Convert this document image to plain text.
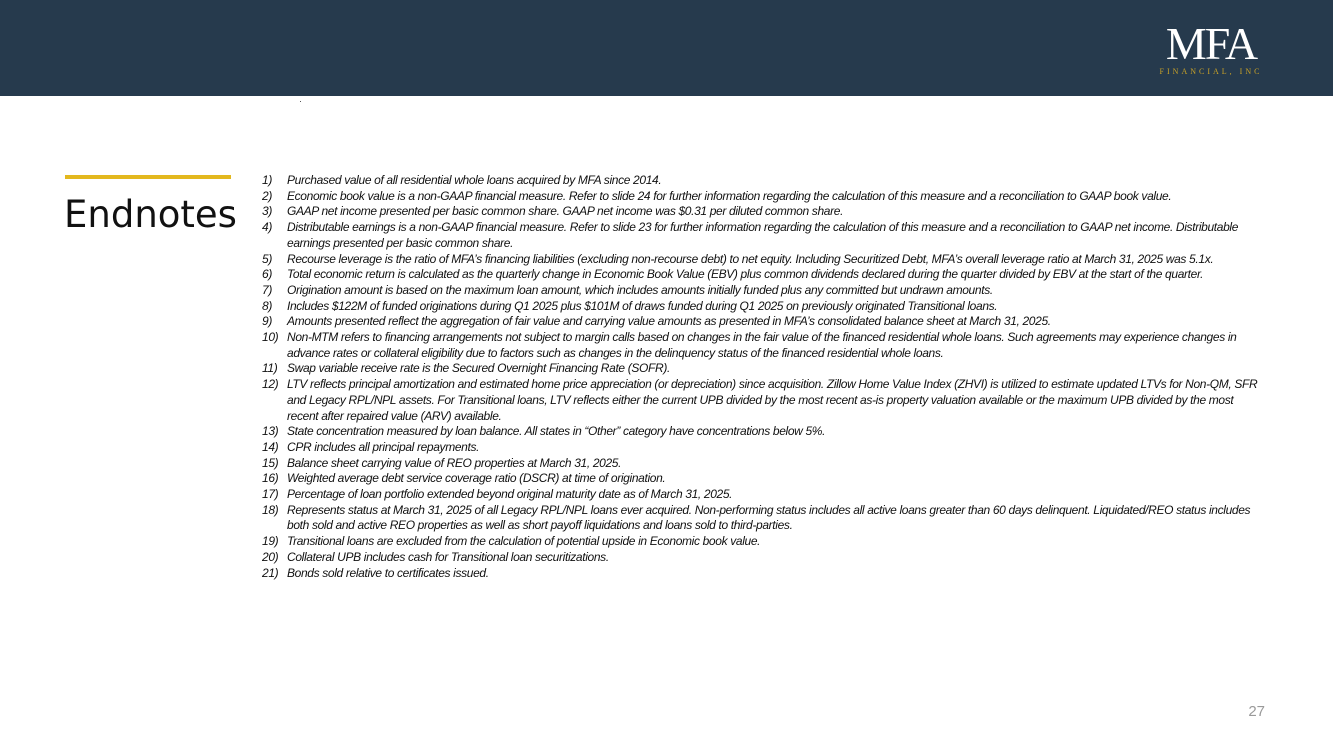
MFA
FINANCIAL, INC
Endnotes
1)	Purchased value of all residential whole loans acquired by MFA since 2014.
2)	Economic book value is a non-GAAP financial measure. Refer to slide 24 for further information regarding the calculation of this measure and a reconciliation to GAAP book value.
3)	GAAP net income presented per basic common share. GAAP net income was $0.31 per diluted common share.
4)	Distributable earnings is a non-GAAP financial measure. Refer to slide 23 for further information regarding the calculation of this measure and a reconciliation to GAAP net income. Distributable earnings presented per basic common share.
5)	Recourse leverage is the ratio of MFA’s financing liabilities (excluding non-recourse debt) to net equity. Including Securitized Debt, MFA’s overall leverage ratio at March 31, 2025 was 5.1x.
6)	Total economic return is calculated as the quarterly change in Economic Book Value (EBV) plus common dividends declared during the quarter divided by EBV at the start of the quarter.
7)	Origination amount is based on the maximum loan amount, which includes amounts initially funded plus any committed but undrawn amounts.
8)	Includes $122M of funded originations during Q1 2025 plus $101M of draws funded during Q1 2025 on previously originated Transitional loans.
9)	Amounts presented reflect the aggregation of fair value and carrying value amounts as presented in MFA’s consolidated balance sheet at March 31, 2025.
10) Non-MTM refers to financing arrangements not subject to margin calls based on changes in the fair value of the financed residential whole loans. Such agreements may experience changes in advance rates or collateral eligibility due to factors such as changes in the delinquency status of the financed residential whole loans.
11) Swap variable receive rate is the Secured Overnight Financing Rate (SOFR).
12) LTV reflects principal amortization and estimated home price appreciation (or depreciation) since acquisition. Zillow Home Value Index (ZHVI) is utilized to estimate updated LTVs for Non-QM, SFR and Legacy RPL/NPL assets. For Transitional loans, LTV reflects either the current UPB divided by the most recent as-is property valuation available or the maximum UPB divided by the most recent after repaired value (ARV) available.
13) State concentration measured by loan balance. All states in “Other” category have concentrations below 5%.
14) CPR includes all principal repayments.
15) Balance sheet carrying value of REO properties at March 31, 2025.
16) Weighted average debt service coverage ratio (DSCR) at time of origination.
17) Percentage of loan portfolio extended beyond original maturity date as of March 31, 2025.
18) Represents status at March 31, 2025 of all Legacy RPL/NPL loans ever acquired. Non-performing status includes all active loans greater than 60 days delinquent. Liquidated/REO status includes both sold and active REO properties as well as short payoff liquidations and loans sold to third-parties.
19) Transitional loans are excluded from the calculation of potential upside in Economic book value.
20) Collateral UPB includes cash for Transitional loan securitizations.
21) Bonds sold relative to certificates issued.
27
